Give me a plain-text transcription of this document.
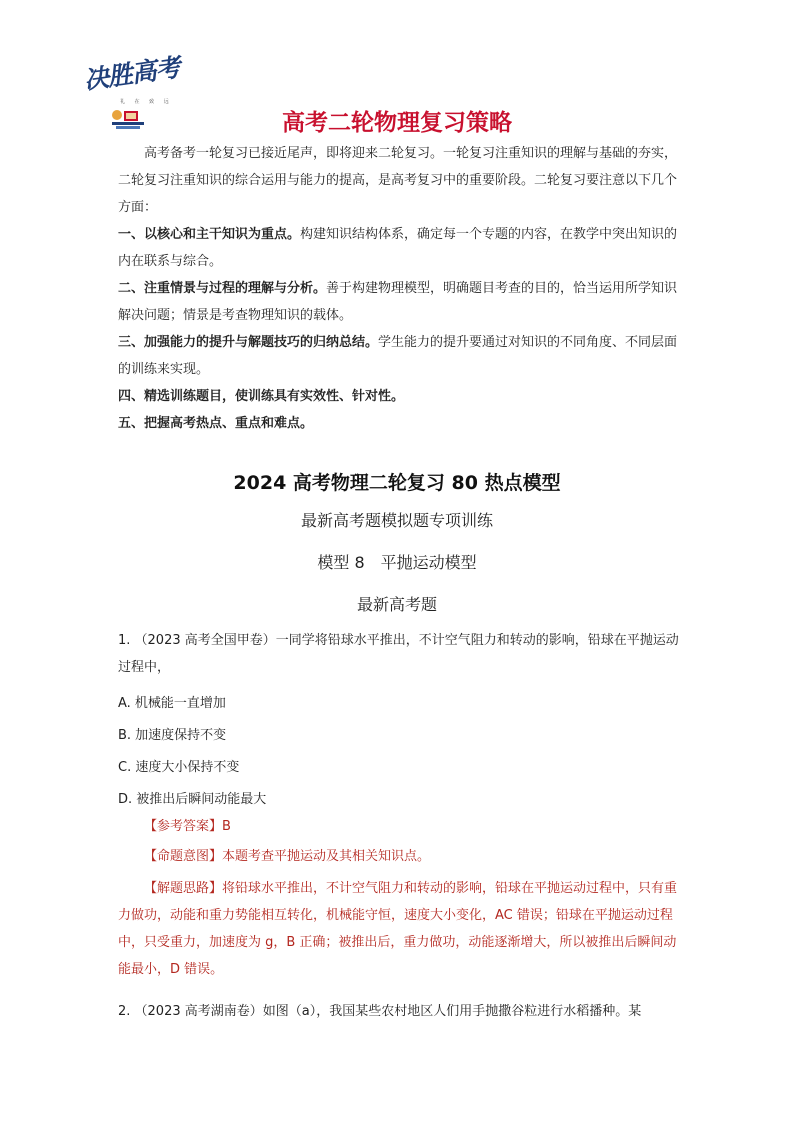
决胜高考
礼 在 致 远
高考二轮物理复习策略

高考备考一轮复习已接近尾声，即将迎来二轮复习。一轮复习注重知识的理解与基础的夯实，二轮复习注重知识的综合运用与能力的提高，是高考复习中的重要阶段。二轮复习要注意以下几个方面：

一、以核心和主干知识为重点。构建知识结构体系，确定每一个专题的内容，在教学中突出知识的内在联系与综合。

二、注重情景与过程的理解与分析。善于构建物理模型，明确题目考查的目的，恰当运用所学知识解决问题；情景是考查物理知识的载体。

三、加强能力的提升与解题技巧的归纳总结。学生能力的提升要通过对知识的不同角度、不同层面的训练来实现。

四、精选训练题目，使训练具有实效性、针对性。

五、把握高考热点、重点和难点。

2024 高考物理二轮复习 80 热点模型
最新高考题模拟题专项训练
模型 8　平抛运动模型
最新高考题

1. （2023 高考全国甲卷）一同学将铅球水平推出，不计空气阻力和转动的影响，铅球在平抛运动过程中，

A. 机械能一直增加

B. 加速度保持不变

C. 速度大小保持不变

D. 被推出后瞬间动能最大

【参考答案】B

【命题意图】本题考查平抛运动及其相关知识点。

【解题思路】将铅球水平推出，不计空气阻力和转动的影响，铅球在平抛运动过程中，只有重力做功，动能和重力势能相互转化，机械能守恒，速度大小变化，AC 错误；铅球在平抛运动过程中，只受重力，加速度为 g，B 正确；被推出后，重力做功，动能逐渐增大，所以被推出后瞬间动能最小，D 错误。

2. （2023 高考湖南卷）如图（a），我国某些农村地区人们用手抛撒谷粒进行水稻播种。某
